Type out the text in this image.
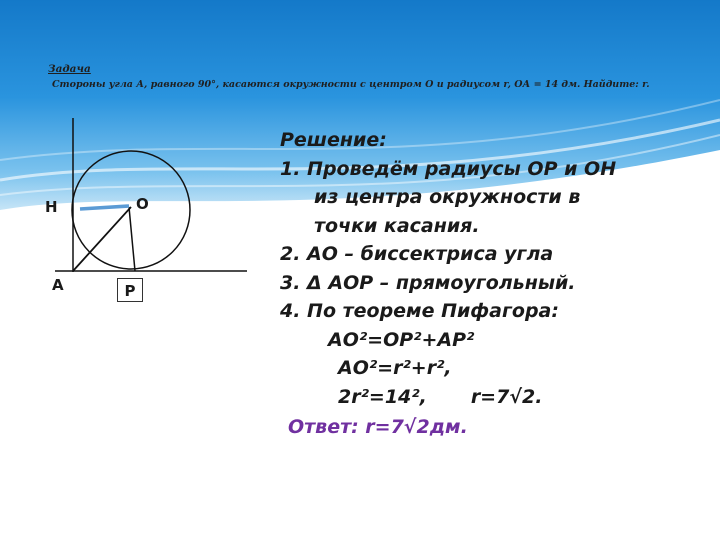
Задача
Стороны угла А, равного 90°, касаются окружности с центром О и радиусом r, ОА = 14 дм. Найдите: r.
H	O
A	P
Решение:
1. Проведём радиусы ОР и ОН
из центра окружности в
точки касания.
2. АО – биссектриса угла
3. Δ АОР – прямоугольный.
4. По теореме Пифагора:
АО²=ОР²+АР²
АО²=r²+r²,
2r²=14², r=7√2.
Ответ: r=7√2дм.
